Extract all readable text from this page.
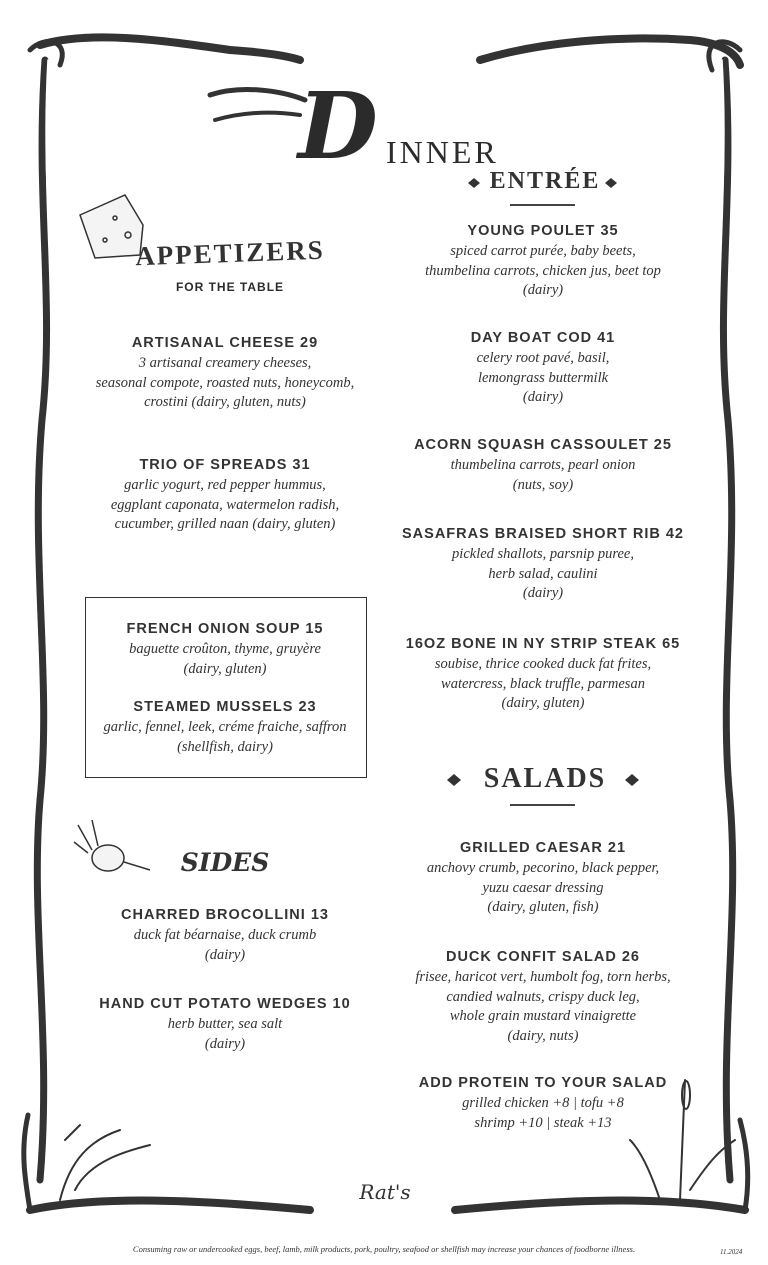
D INNER
APPETIZERS
FOR THE TABLE
SIDES
ENTRÉE
SALADS
Rat's
Consuming raw or undercooked eggs, beef, lamb, milk products, pork, poultry, seafood or shellfish may increase your chances of foodborne illness.	11.2024
ARTISANAL CHEESE 29
3 artisanal creamery cheeses,
seasonal compote, roasted nuts, honeycomb,
crostini (dairy, gluten, nuts)
TRIO OF SPREADS 31
garlic yogurt, red pepper hummus,
eggplant caponata, watermelon radish,
cucumber, grilled naan (dairy, gluten)
FRENCH ONION SOUP 15
baguette croûton, thyme, gruyère
(dairy, gluten)
STEAMED MUSSELS 23
garlic, fennel, leek, créme fraiche, saffron
(shellfish, dairy)
CHARRED BROCOLLINI 13
duck fat béarnaise, duck crumb
(dairy)
HAND CUT POTATO WEDGES 10
herb butter, sea salt
(dairy)
YOUNG POULET 35
spiced carrot purée, baby beets,
thumbelina carrots, chicken jus, beet top
(dairy)
DAY BOAT COD 41
celery root pavé, basil,
lemongrass buttermilk
(dairy)
ACORN SQUASH CASSOULET 25
thumbelina carrots, pearl onion
(nuts, soy)
SASAFRAS BRAISED SHORT RIB 42
pickled shallots, parsnip puree,
herb salad, caulini
(dairy)
16OZ BONE IN NY STRIP STEAK 65
soubise, thrice cooked duck fat frites,
watercress, black truffle, parmesan
(dairy, gluten)
GRILLED CAESAR 21
anchovy crumb, pecorino, black pepper,
yuzu caesar dressing
(dairy, gluten, fish)
DUCK CONFIT SALAD 26
frisee, haricot vert, humbolt fog, torn herbs,
candied walnuts, crispy duck leg,
whole grain mustard vinaigrette
(dairy, nuts)
ADD PROTEIN TO YOUR SALAD
grilled chicken +8 | tofu +8
shrimp +10 | steak +13
